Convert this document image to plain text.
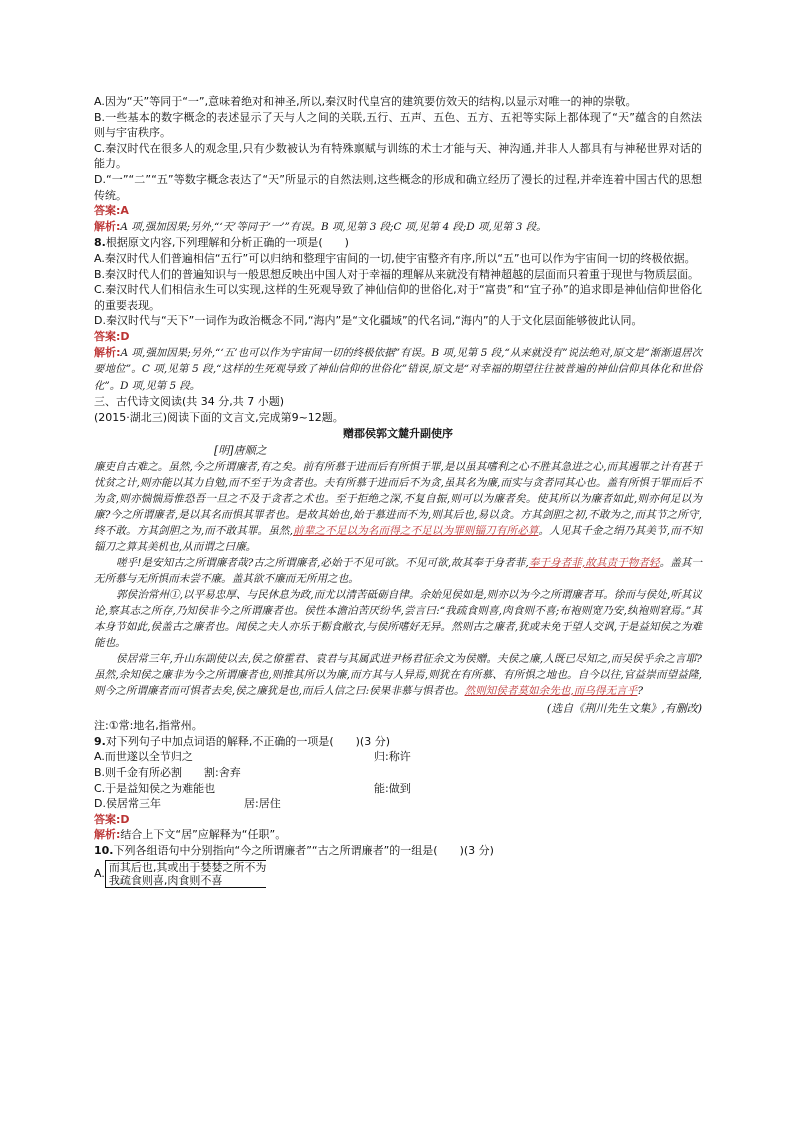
A.因为“天”等同于“一”,意味着绝对和神圣,所以,秦汉时代皇宫的建筑要仿效天的结构,以显示对唯一的神的崇敬。

B.一些基本的数字概念的表述显示了天与人之间的关联,五行、五声、五色、五方、五祀等实际上都体现了“天”蕴含的自然法则与宇宙秩序。

C.秦汉时代在很多人的观念里,只有少数被认为有特殊禀赋与训练的术士才能与天、神沟通,并非人人都具有与神秘世界对话的能力。

D.“一”“二”“五”等数字概念表达了“天”所显示的自然法则,这些概念的形成和确立经历了漫长的过程,并牵连着中国古代的思想传统。

答案:A

解析:A 项,强加因果;另外,“‘天’等同于‘一’”有误。B 项,见第 3 段;C 项,见第 4 段;D 项,见第 3 段。

8.根据原文内容,下列理解和分析正确的一项是(　　)

A.秦汉时代人们普遍相信“五行”可以归纳和整理宇宙间的一切,使宇宙整齐有序,所以“五”也可以作为宇宙间一切的终极依据。

B.秦汉时代人们的普遍知识与一般思想反映出中国人对于幸福的理解从来就没有精神超越的层面而只着重于现世与物质层面。

C.秦汉时代人们相信永生可以实现,这样的生死观导致了神仙信仰的世俗化,对于“富贵”和“宜子孙”的追求即是神仙信仰世俗化的重要表现。

D.秦汉时代与“天下”一词作为政治概念不同,“海内”是“文化疆域”的代名词,“海内”的人于文化层面能够彼此认同。

答案:D

解析:A 项,强加因果;另外,“‘五’也可以作为宇宙间一切的终极依据”有误。B 项,见第 5 段,“从来就没有”说法绝对,原文是“渐渐退居次要地位”。C 项,见第 5 段,“这样的生死观导致了神仙信仰的世俗化”错误,原文是“对幸福的期望往往被普遍的神仙信仰具体化和世俗化”。D 项,见第 5 段。

三、古代诗文阅读(共 34 分,共 7 小题)

(2015·湖北三)阅读下面的文言文,完成第9~12题。

赠郡侯郭文麓升副使序

[明]唐顺之

廉吏自古难之。虽然,今之所谓廉者,有之矣。前有所慕于进而后有所惧于罪,是以虽其嗜利之心不胜其急进之心,而其遏罪之计有甚于忧贫之计,则亦能以其力自勉,而不至于为贪者也。夫有所慕于进而后不为贪,虽其名为廉,而实与贪者同其心也。盖有所惧于罪而后不为贪,则亦惴惴焉惟恐吾一旦之不及于贪者之术也。至于拒绝之深,不复自振,则可以为廉者矣。使其所以为廉者如此,则亦何足以为廉?今之所谓廉者,是以其名而惧其罪者也。是故其始也,始于慕进而不为,则其后也,易以贪。方其剑胆之初,不敢为之,而其节之所守,终不敢。方其剑胆之为,而不敢其罪。虽然,前辈之不足以为名而得之不足以为罪则锱刀有所必算。人见其千金之绢乃其美节,而不知锱刀之算其美机也,从而谓之曰廉。

嗟乎!是安知古之所谓廉者哉?古之所谓廉者,必始于不见可欲。不见可欲,故其奉于身者菲,奉于身者菲,故其责于物者轻。盖其一无所慕与无所惧而未尝不廉。盖其欲不廉而无所用之也。

郭侯治常州①,以平易忠厚、与民休息为政,而尤以清苦砥砺自律。余始见侯如是,则亦以为今之所谓廉者耳。徐而与侯处,听其议论,察其志之所存,乃知侯非今之所谓廉者也。侯性本澹泊苦厌纷华,尝言曰:“我疏食则喜,肉食则不喜;布袍则宽乃安,纨袍则窘焉。”其本身节如此,侯盖古之廉者也。闻侯之夫人亦乐于粝食敝衣,与侯所嗜好无异。然则古之廉者,犹或未免于望人交讽,于是益知侯之为难能也。

侯居常三年,升山东副使以去,侯之僚霍君、袁君与其属武进尹杨君征余文为侯赠。夫侯之廉,人既已尽知之,而吴侯乎余之言耶?虽然,余知侯之廉非为今之所谓廉者也,则推其所以为廉,而方其与人异焉,则犹在有所慕、有所惧之地也。自今以往,官益崇而望益隆,则今之所谓廉者而可惧者去矣,侯之廉犹是也,而后人信之曰:侯果非慕与惧者也。然则知侯者莫如余先也,而乌得无言乎?

(选自《荆川先生文集》,有删改)

注:①常:地名,指常州。

9.对下列句子中加点词语的解释,不正确的一项是(　　)(3 分)

A.而世遂以全节归之	归:称许

B.则千金有所必割　　割:舍弃

C.于是益知侯之为难能也	能:做到
D.侯居常三年	居:居住

答案:D

解析:结合上下文“居”应解释为“任职”。

10.下列各组语句中分别指向“今之所谓廉者”“古之所谓廉者”的一组是(　　)(3 分)

A. 而其后也,其或出于婪婪之所不为
我疏食则喜,肉食则不喜
